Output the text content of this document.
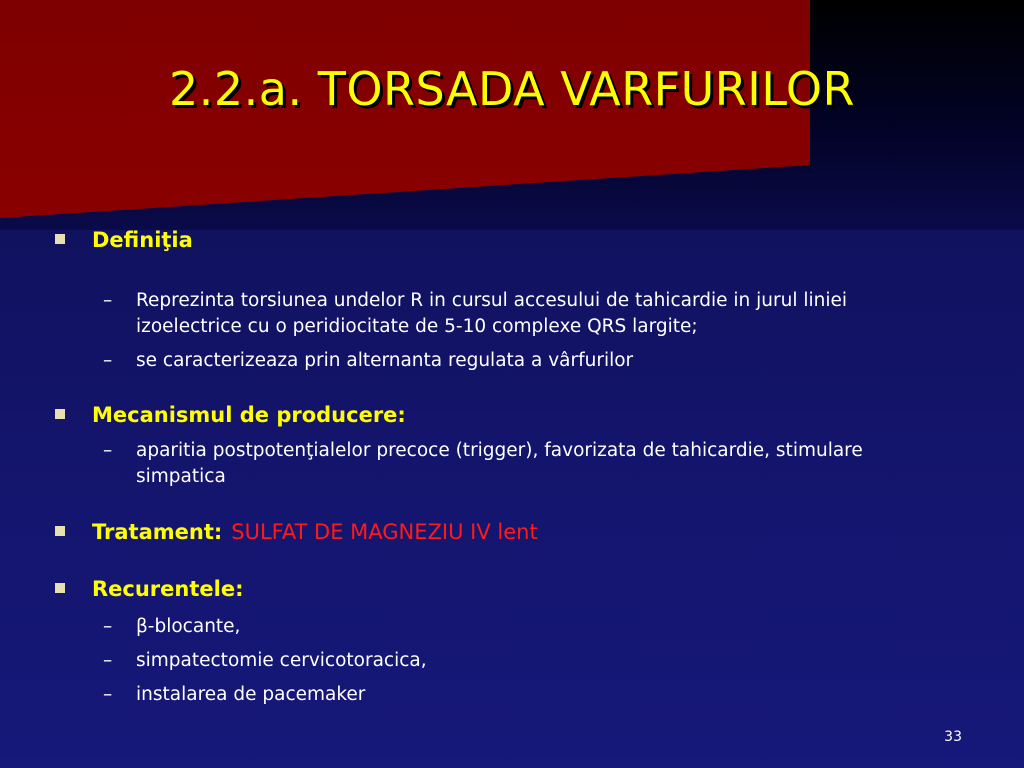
2.2.a. TORSADA VARFURILOR
Definiţia
–	Reprezinta torsiunea undelor R in cursul accesului de tahicardie in jurul liniei izoelectrice cu o peridiocitate de 5-10 complexe QRS largite;
–	se caracterizeaza prin alternanta regulata a vârfurilor
Mecanismul de producere:
–	aparitia postpotenţialelor precoce (trigger), favorizata de tahicardie, stimulare simpatica
Tratament: SULFAT DE MAGNEZIU IV lent
Recurentele:
–	β-blocante,
–	simpatectomie cervicotoracica,
–	instalarea de pacemaker
33
